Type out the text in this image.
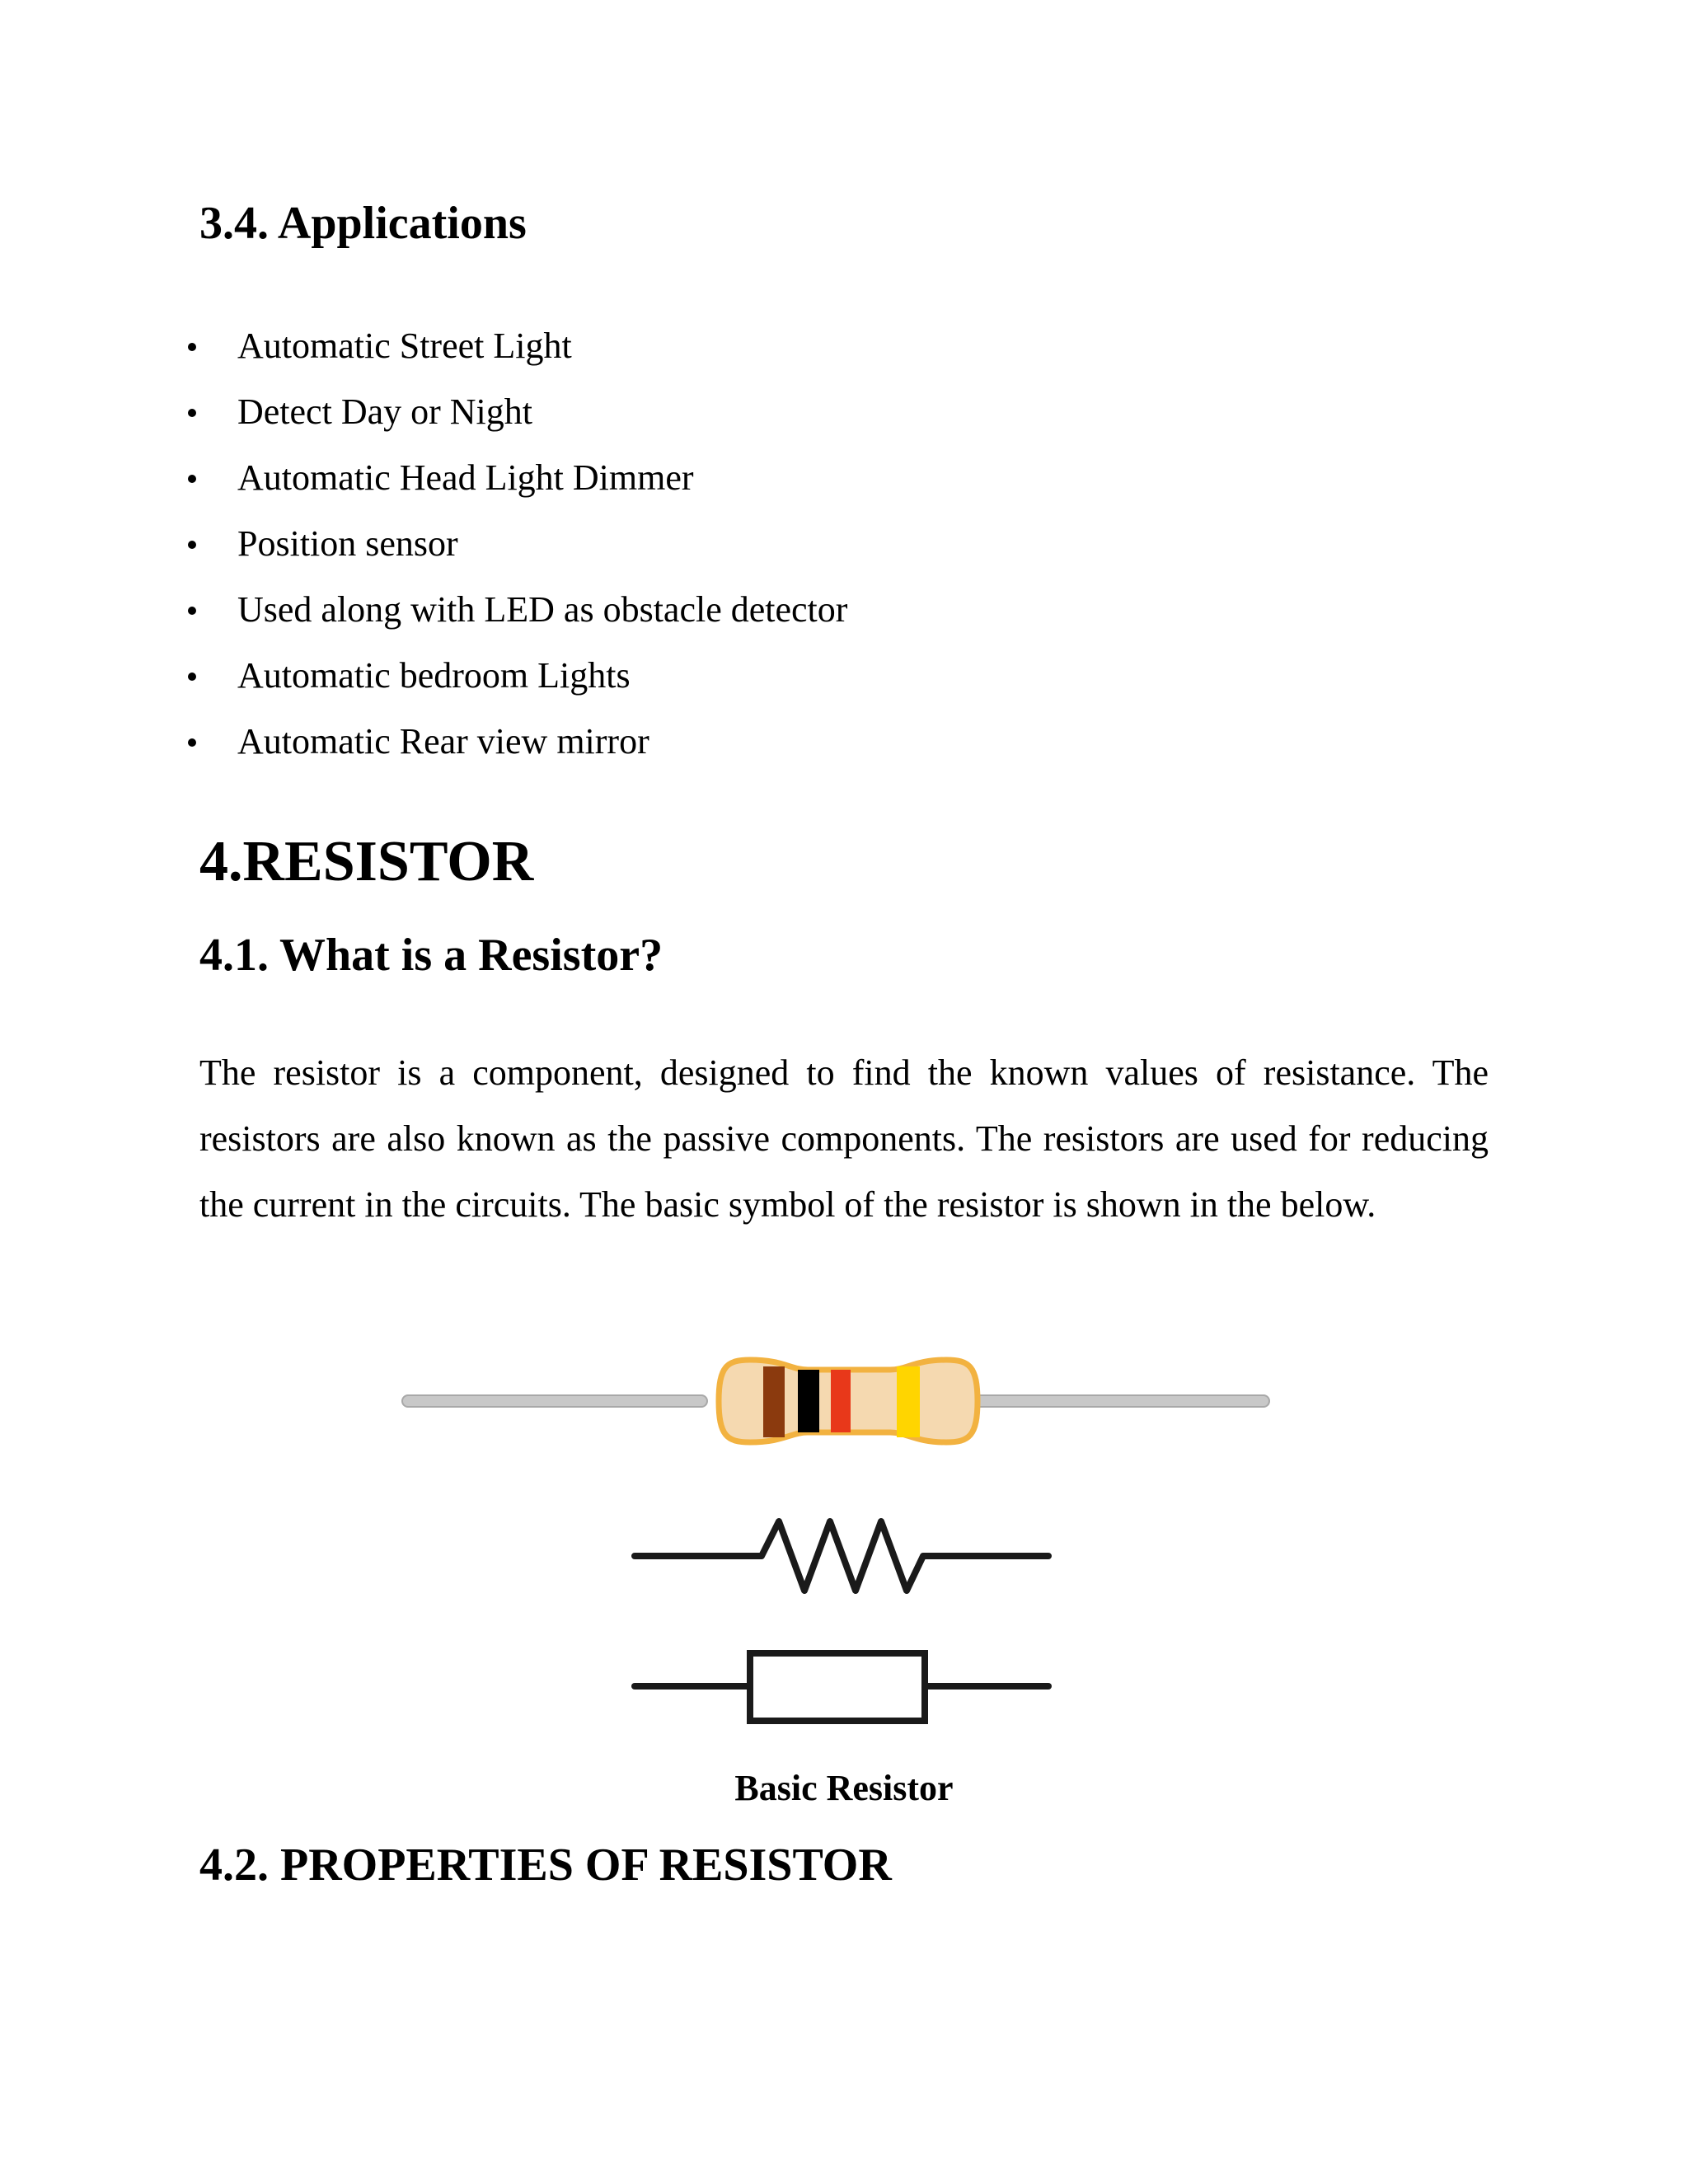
3.4. Applications
Automatic Street Light
Detect Day or Night
Automatic Head Light Dimmer
Position sensor
Used along with LED as obstacle detector
Automatic bedroom Lights
Automatic Rear view mirror
4.RESISTOR
4.1. What is a Resistor?

The resistor is a component, designed to find the known values of resistance. The resistors are also known as the passive components. The resistors are used for reducing the current in the circuits. The basic symbol of the resistor is shown in the below.

Basic Resistor
4.2. PROPERTIES OF RESISTOR
